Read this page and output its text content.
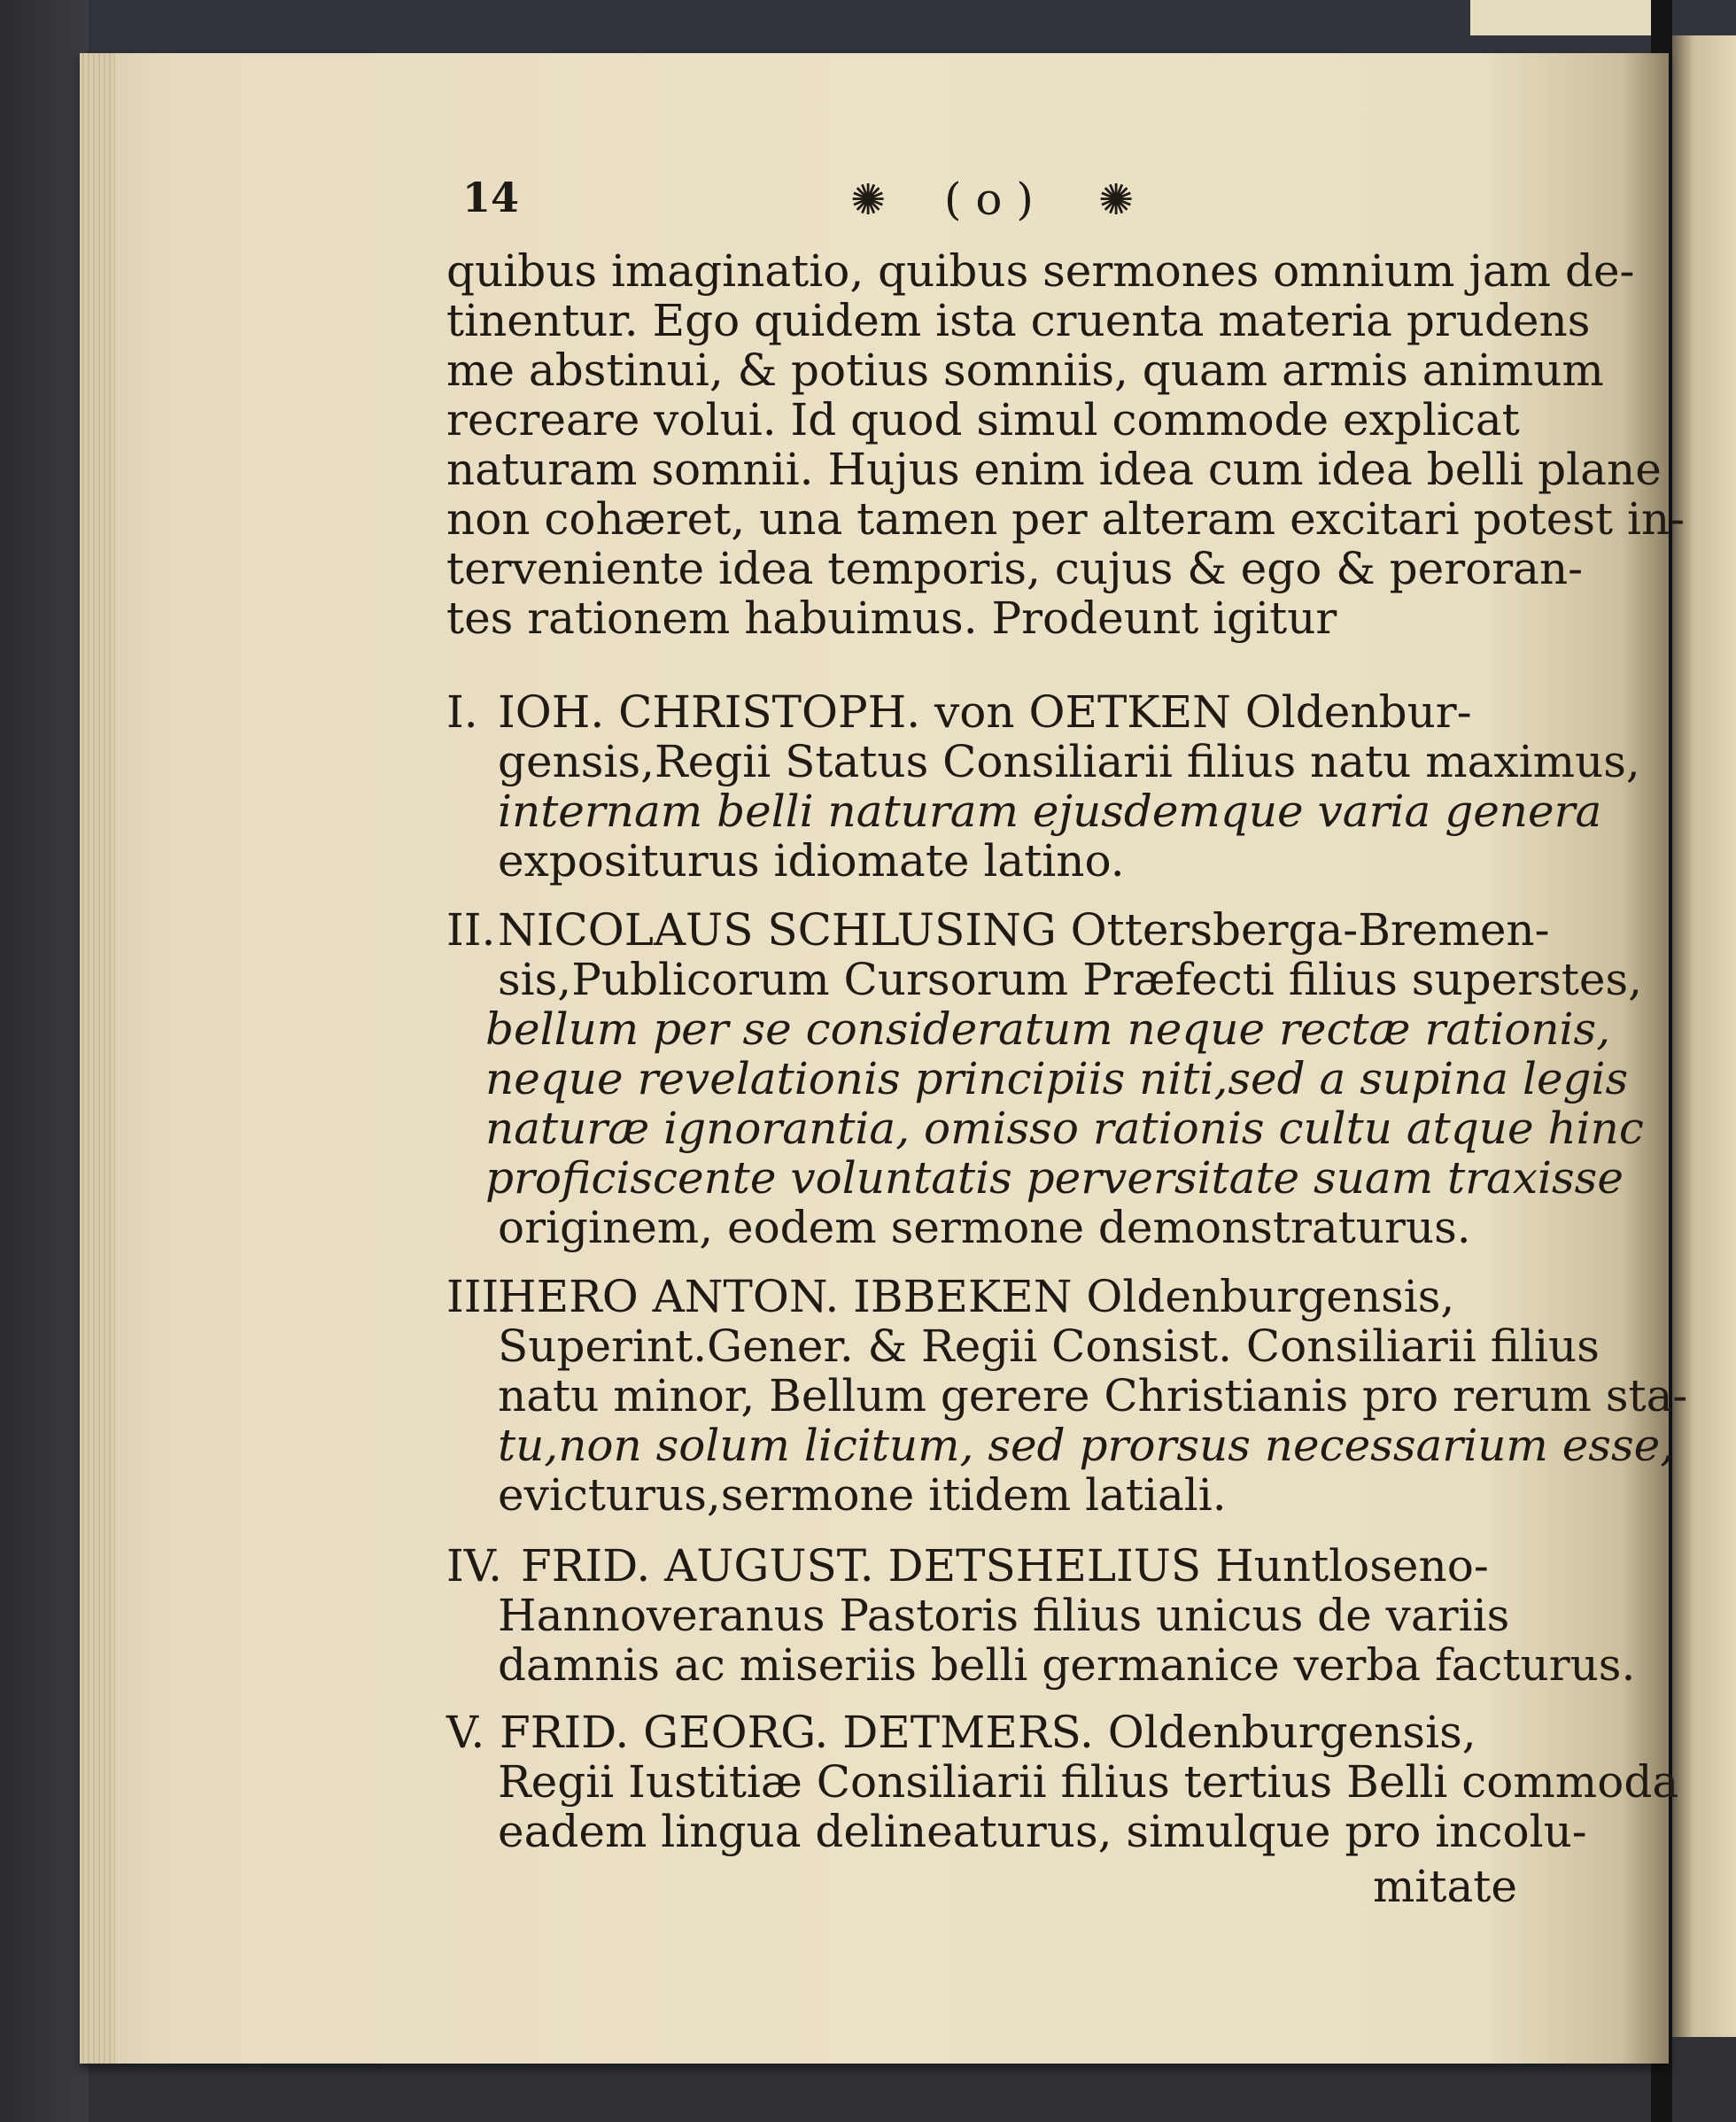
14	✺ ( o ) ✺
quibus imaginatio, quibus sermones omnium jam de-
tinentur. Ego quidem ista cruenta materia prudens
me abstinui, & potius somniis, quam armis animum
recreare volui. Id quod simul commode explicat
naturam somnii. Hujus enim idea cum idea belli plane
non cohæret, una tamen per alteram excitari potest in-
terveniente idea temporis, cujus & ego & peroran-
tes rationem habuimus. Prodeunt igitur
I. IOH. CHRISTOPH. von OETKEN Oldenbur-
gensis,Regii Status Consiliarii filius natu maximus,
internam belli naturam ejusdemque varia genera
expositurus idiomate latino.
II. NICOLAUS SCHLUSING Ottersberga-Bremen-
sis,Publicorum Cursorum Præfecti filius superstes,
bellum per se consideratum neque rectæ rationis,
neque revelationis principiis niti,sed a supina legis
naturæ ignorantia, omisso rationis cultu atque hinc
proficiscente voluntatis perversitate suam traxisse
originem, eodem sermone demonstraturus.
III.
HERO ANTON. IBBEKEN Oldenburgensis,
Superint.Gener. & Regii Consist. Consiliarii filius
natu minor, Bellum gerere Christianis pro rerum sta-
tu,non solum licitum, sed prorsus necessarium esse,
evicturus,sermone itidem latiali.
IV. FRID. AUGUST. DETSHELIUS Huntloseno-
Hannoveranus Pastoris filius unicus de variis
damnis ac miseriis belli germanice verba facturus.
V. FRID. GEORG. DETMERS. Oldenburgensis,
Regii Iustitiæ Consiliarii filius tertius Belli commoda
eadem lingua delineaturus, simulque pro incolu-
mitate
